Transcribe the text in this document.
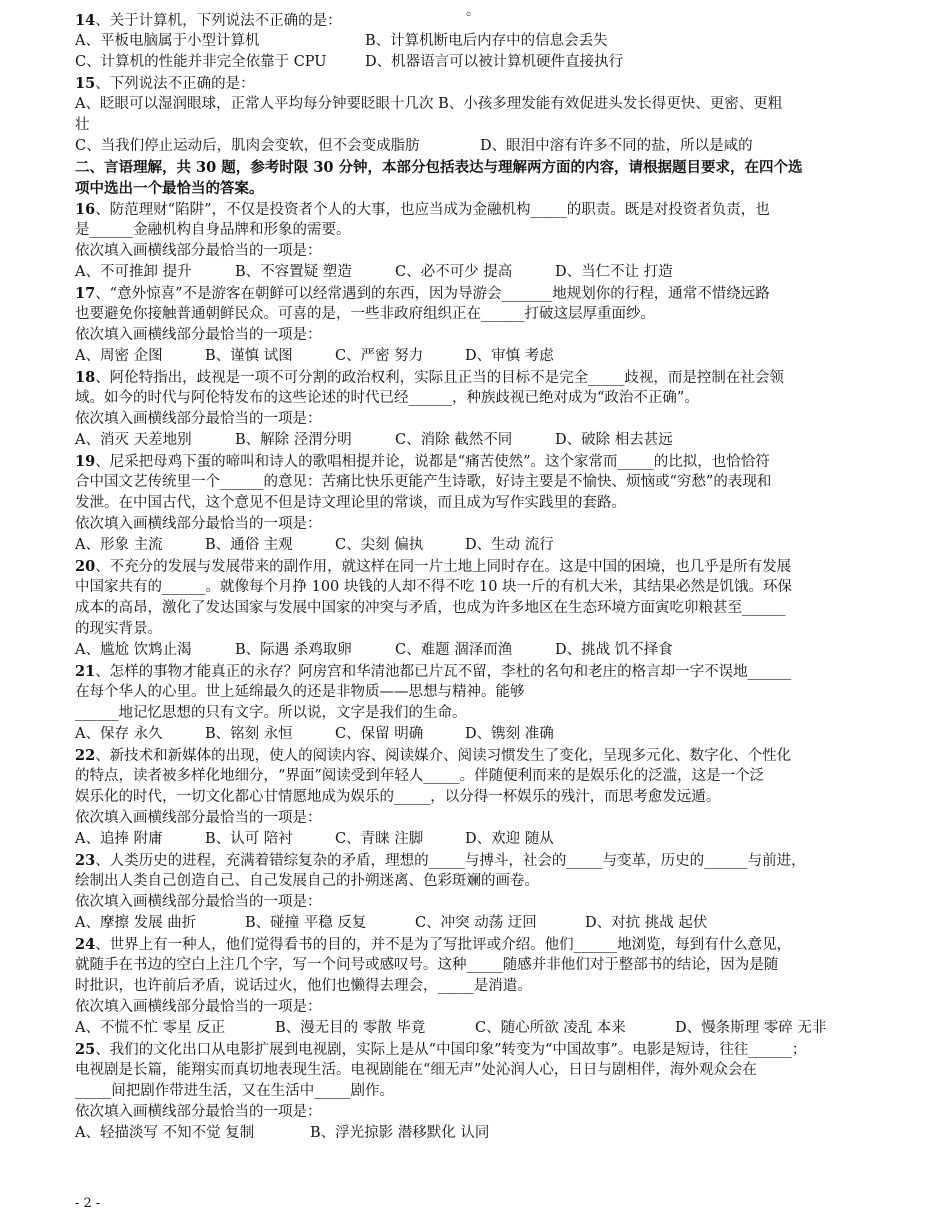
。
14、关于计算机，下列说法不正确的是：
A、平板电脑属于小型计算机	B、计算机断电后内存中的信息会丢失
C、计算机的性能并非完全依靠于 CPU	D、机器语言可以被计算机硬件直接执行
15、下列说法不正确的是：
A、眨眼可以湿润眼球，正常人平均每分钟要眨眼十几次 B、小孩多理发能有效促进头发长得更快、更密、更粗
壮
C、当我们停止运动后，肌肉会变软，但不会变成脂肪	D、眼泪中溶有许多不同的盐，所以是咸的
二、言语理解，共 30 题，参考时限 30 分钟，本部分包括表达与理解两方面的内容，请根据题目要求，在四个选
项中选出一个最恰当的答案。
16、防范理财“陷阱”，不仅是投资者个人的大事，也应当成为金融机构_____的职责。既是对投资者负责，也
是______金融机构自身品牌和形象的需要。
依次填入画横线部分最恰当的一项是：
A、不可推卸 提升	B、不容置疑 塑造	C、必不可少 提高	D、当仁不让 打造
17、“意外惊喜”不是游客在朝鲜可以经常遇到的东西，因为导游会_______地规划你的行程，通常不惜绕远路
也要避免你接触普通朝鲜民众。可喜的是，一些非政府组织正在______打破这层厚重面纱。
依次填入画横线部分最恰当的一项是：
A、周密 企图	B、谨慎 试图	C、严密 努力	D、审慎 考虑
18、阿伦特指出，歧视是一项不可分割的政治权利，实际且正当的目标不是完全_____歧视，而是控制在社会领
域。如今的时代与阿伦特发布的这些论述的时代已经______，种族歧视已绝对成为“政治不正确”。
依次填入画横线部分最恰当的一项是：
A、消灭 天差地别	B、解除 泾渭分明	C、消除 截然不同	D、破除 相去甚远
19、尼采把母鸡下蛋的啼叫和诗人的歌唱相提并论，说都是“痛苦使然”。这个家常而_____的比拟，也恰恰符
合中国文艺传统里一个______的意见：苦痛比快乐更能产生诗歌，好诗主要是不愉快、烦恼或“穷愁”的表现和
发泄。在中国古代，这个意见不但是诗文理论里的常谈，而且成为写作实践里的套路。
依次填入画横线部分最恰当的一项是：
A、形象 主流	B、通俗 主观	C、尖刻 偏执	D、生动 流行
20、不充分的发展与发展带来的副作用，就这样在同一片土地上同时存在。这是中国的困境，也几乎是所有发展
中国家共有的______。就像每个月挣 100 块钱的人却不得不吃 10 块一斤的有机大米，其结果必然是饥饿。环保
成本的高昂，激化了发达国家与发展中国家的冲突与矛盾，也成为许多地区在生态环境方面寅吃卯粮甚至______
的现实背景。
A、尴尬 饮鸩止渴	B、际遇 杀鸡取卵	C、难题 涸泽而渔	D、挑战 饥不择食
21、怎样的事物才能真正的永存？阿房宫和华清池都已片瓦不留，李杜的名句和老庄的格言却一字不误地______
在每个华人的心里。世上延绵最久的还是非物质——思想与精神。能够
______地记忆思想的只有文字。所以说，文字是我们的生命。
A、保存 永久	B、铭刻 永恒	C、保留 明确	D、镌刻 准确
22、新技术和新媒体的出现，使人的阅读内容、阅读媒介、阅读习惯发生了变化，呈现多元化、数字化、个性化
的特点，读者被多样化地细分，“界面”阅读受到年轻人_____。伴随便利而来的是娱乐化的泛滥，这是一个泛
娱乐化的时代，一切文化都心甘情愿地成为娱乐的_____，以分得一杯娱乐的残汁，而思考愈发远遁。
依次填入画横线部分最恰当的一项是：
A、追捧 附庸	B、认可 陪衬	C、青睐 注脚	D、欢迎 随从
23、人类历史的进程，充满着错综复杂的矛盾，理想的_____与搏斗，社会的_____与变革，历史的______与前进，
绘制出人类自己创造自己、自己发展自己的扑朔迷离、色彩斑斓的画卷。
依次填入画横线部分最恰当的一项是：
A、摩擦 发展 曲折	B、碰撞 平稳 反复	C、冲突 动荡 迂回	D、对抗 挑战 起伏
24、世界上有一种人，他们觉得看书的目的，并不是为了写批评或介绍。他们______地浏览，每到有什么意见，
就随手在书边的空白上注几个字，写一个问号或感叹号。这种_____随感并非他们对于整部书的结论，因为是随
时批识，也许前后矛盾，说话过火，他们也懒得去理会，_____是消遣。
依次填入画横线部分最恰当的一项是：
A、不慌不忙 零星 反正	B、漫无目的 零散 毕竟	C、随心所欲 凌乱 本来	D、慢条斯理 零碎 无非
25、我们的文化出口从电影扩展到电视剧，实际上是从“中国印象”转变为“中国故事”。电影是短诗，往往______；
电视剧是长篇，能翔实而真切地表现生活。电视剧能在“细无声”处沁润人心，日日与剧相伴，海外观众会在
_____间把剧作带进生活，又在生活中_____剧作。
依次填入画横线部分最恰当的一项是：
A、轻描淡写 不知不觉 复制	B、浮光掠影 潜移默化 认同
- 2 -
